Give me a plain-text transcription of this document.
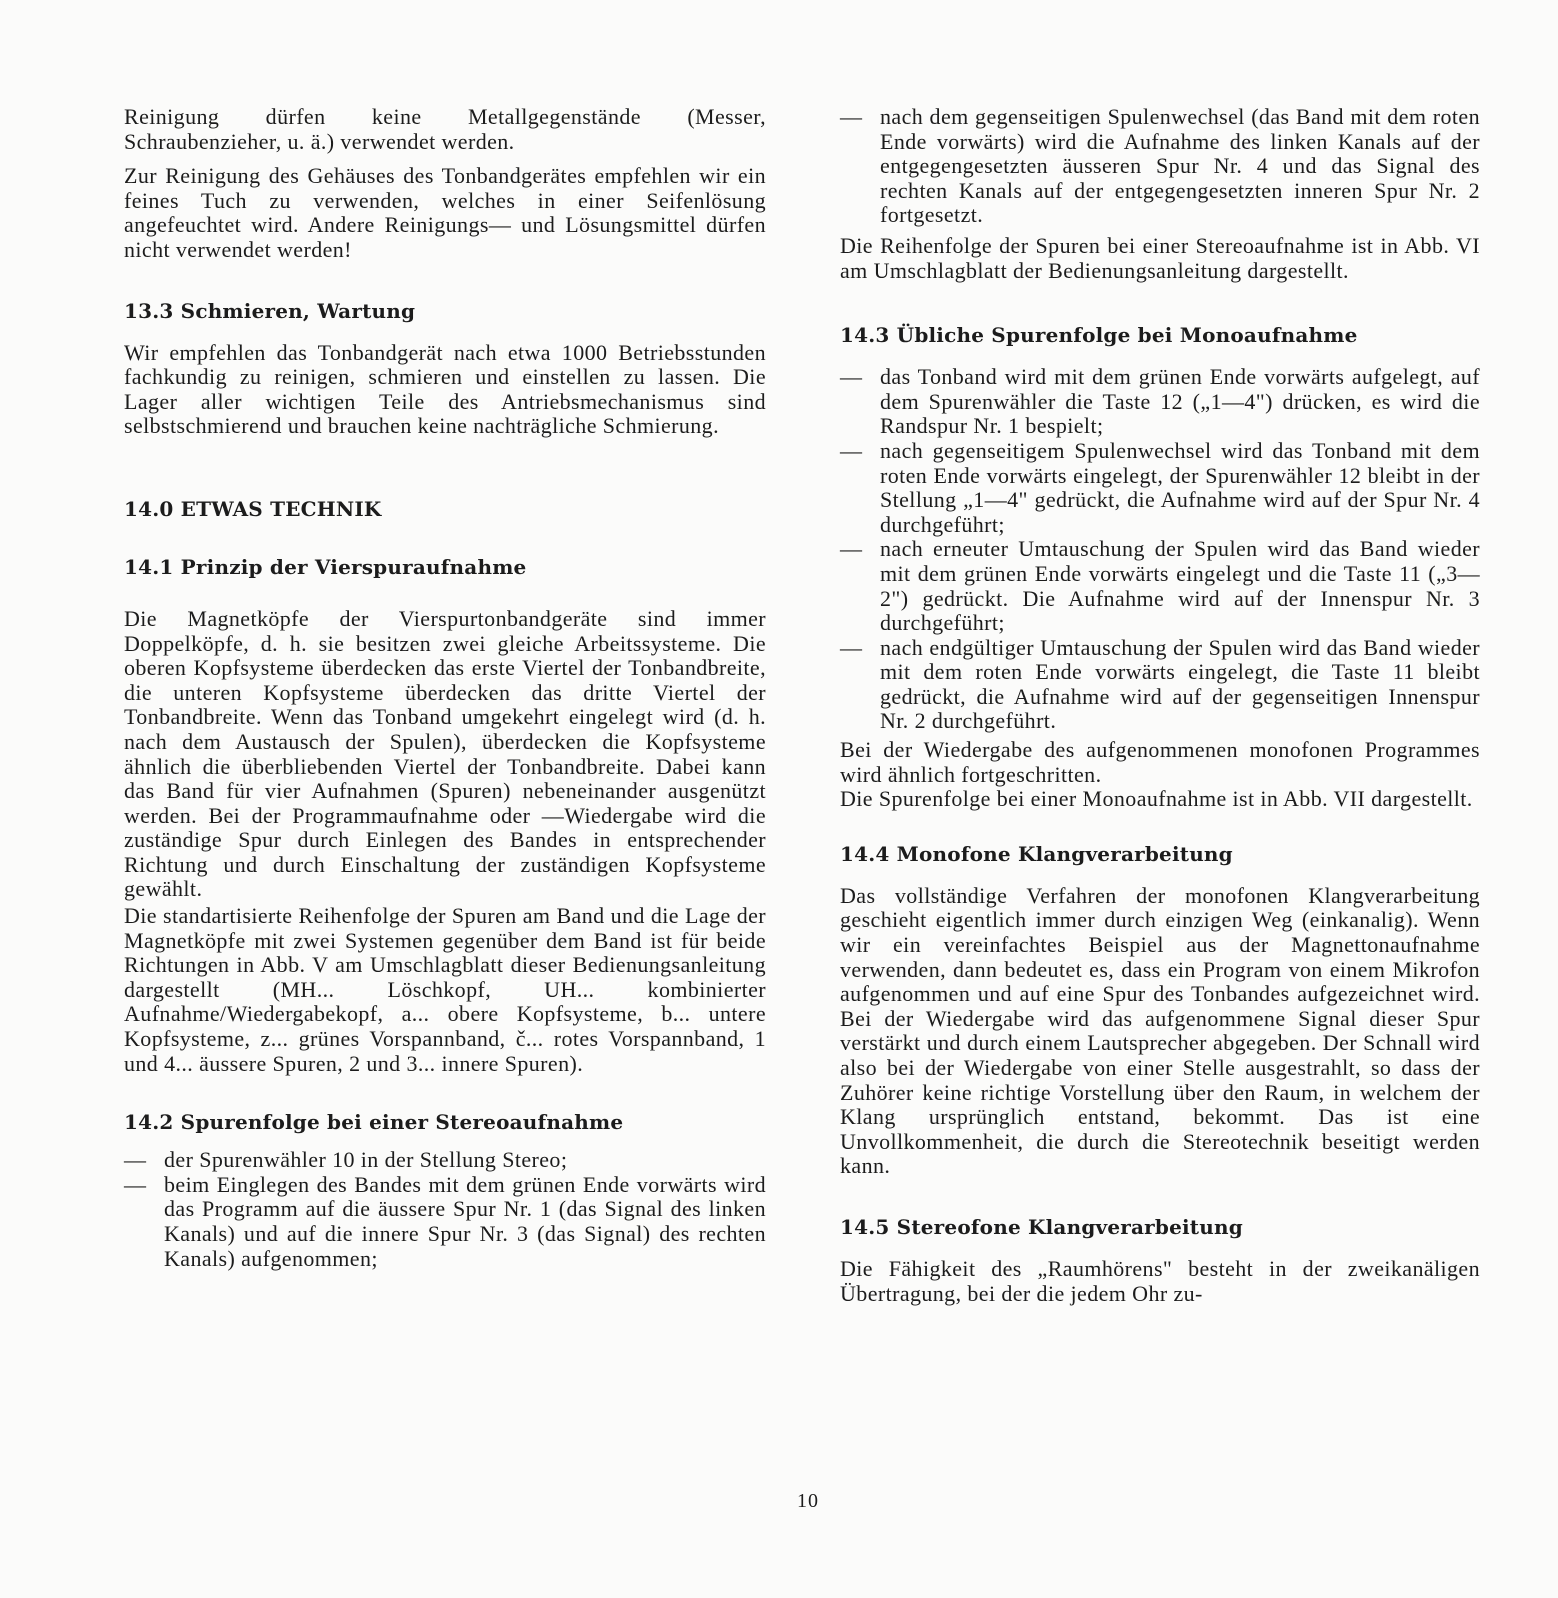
Reinigung dürfen keine Metallgegenstände (Messer, Schraubenzieher, u. ä.) verwendet werden.

Zur Reinigung des Gehäuses des Tonbandgerätes empfehlen wir ein feines Tuch zu verwenden, welches in einer Seifenlösung angefeuchtet wird. Andere Reinigungs— und Lösungsmittel dürfen nicht verwendet werden!

13.3 Schmieren, Wartung

Wir empfehlen das Tonbandgerät nach etwa 1000 Betriebsstunden fachkundig zu reinigen, schmieren und einstellen zu lassen. Die Lager aller wichtigen Teile des Antriebsmechanismus sind selbstschmierend und brauchen keine nachträgliche Schmierung.

14.0 ETWAS TECHNIK
14.1 Prinzip der Vierspuraufnahme

Die Magnetköpfe der Vierspurtonbandgeräte sind immer Doppelköpfe, d. h. sie besitzen zwei gleiche Arbeitssysteme. Die oberen Kopfsysteme überdecken das erste Viertel der Tonbandbreite, die unteren Kopfsysteme überdecken das dritte Viertel der Tonbandbreite. Wenn das Tonband umgekehrt eingelegt wird (d. h. nach dem Austausch der Spulen), überdecken die Kopfsysteme ähnlich die überbliebenden Viertel der Tonbandbreite. Dabei kann das Band für vier Aufnahmen (Spuren) nebeneinander ausgenützt werden. Bei der Programmaufnahme oder —Wiedergabe wird die zuständige Spur durch Einlegen des Bandes in entsprechender Richtung und durch Einschaltung der zuständigen Kopfsysteme gewählt.

Die standartisierte Reihenfolge der Spuren am Band und die Lage der Magnetköpfe mit zwei Systemen gegenüber dem Band ist für beide Richtungen in Abb. V am Umschlagblatt dieser Bedienungsanleitung dargestellt (MH... Löschkopf, UH... kombinierter Aufnahme/Wiedergabekopf, a... obere Kopfsysteme, b... untere Kopfsysteme, z... grünes Vorspannband, č... rotes Vorspannband, 1 und 4... äussere Spuren, 2 und 3... innere Spuren).

14.2 Spurenfolge bei einer Stereoaufnahme
— der Spurenwähler 10 in der Stellung Stereo;
— beim Einglegen des Bandes mit dem grünen Ende vorwärts wird das Programm auf die äussere Spur Nr. 1 (das Signal des linken Kanals) und auf die innere Spur Nr. 3 (das Signal) des rechten Kanals) aufgenommen;
— nach dem gegenseitigen Spulenwechsel (das Band mit dem roten Ende vorwärts) wird die Aufnahme des linken Kanals auf der entgegengesetzten äusseren Spur Nr. 4 und das Signal des rechten Kanals auf der entgegengesetzten inneren Spur Nr. 2 fortgesetzt.

Die Reihenfolge der Spuren bei einer Stereoaufnahme ist in Abb. VI am Umschlagblatt der Bedienungsanleitung dargestellt.

14.3 Übliche Spurenfolge bei Monoaufnahme
— das Tonband wird mit dem grünen Ende vorwärts aufgelegt, auf dem Spurenwähler die Taste 12 („1—4") drücken, es wird die Randspur Nr. 1 bespielt;
— nach gegenseitigem Spulenwechsel wird das Tonband mit dem roten Ende vorwärts eingelegt, der Spurenwähler 12 bleibt in der Stellung „1—4" gedrückt, die Aufnahme wird auf der Spur Nr. 4 durchgeführt;
— nach erneuter Umtauschung der Spulen wird das Band wieder mit dem grünen Ende vorwärts eingelegt und die Taste 11 („3—2") gedrückt. Die Aufnahme wird auf der Innenspur Nr. 3 durchgeführt;
— nach endgültiger Umtauschung der Spulen wird das Band wieder mit dem roten Ende vorwärts eingelegt, die Taste 11 bleibt gedrückt, die Aufnahme wird auf der gegenseitigen Innenspur Nr. 2 durchgeführt.

Bei der Wiedergabe des aufgenommenen monofonen Programmes wird ähnlich fortgeschritten.

Die Spurenfolge bei einer Monoaufnahme ist in Abb. VII dargestellt.

14.4 Monofone Klangverarbeitung

Das vollständige Verfahren der monofonen Klangverarbeitung geschieht eigentlich immer durch einzigen Weg (einkanalig). Wenn wir ein vereinfachtes Beispiel aus der Magnettonaufnahme verwenden, dann bedeutet es, dass ein Program von einem Mikrofon aufgenommen und auf eine Spur des Tonbandes aufgezeichnet wird. Bei der Wiedergabe wird das aufgenommene Signal dieser Spur verstärkt und durch einem Lautsprecher abgegeben. Der Schnall wird also bei der Wiedergabe von einer Stelle ausgestrahlt, so dass der Zuhörer keine richtige Vorstellung über den Raum, in welchem der Klang ursprünglich entstand, bekommt. Das ist eine Unvollkommenheit, die durch die Stereotechnik beseitigt werden kann.

14.5 Stereofone Klangverarbeitung

Die Fähigkeit des „Raumhörens" besteht in der zweikanäligen Übertragung, bei der die jedem Ohr zu-

10
